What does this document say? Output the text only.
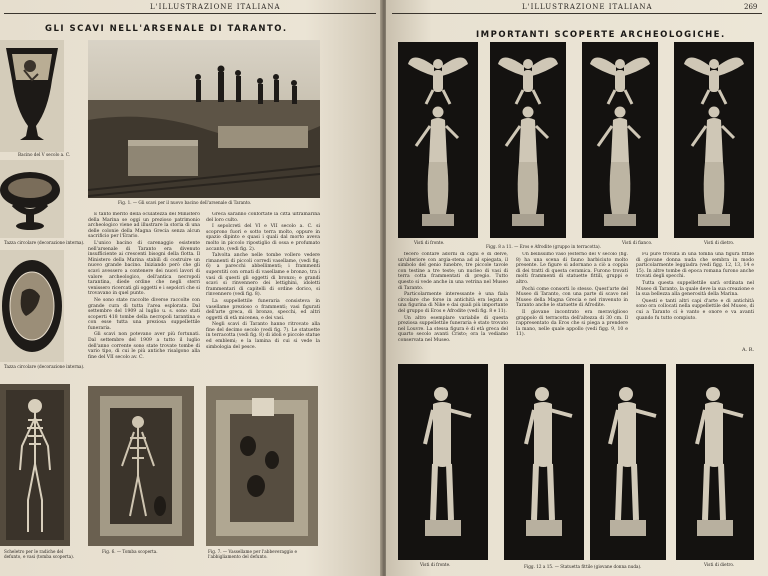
L'ILLUSTRAZIONE ITALIANA
GLI SCAVI NELL'ARSENALE DI TARANTO.
Bacino del V secolo a. C.
Tazza circolare (decorazione interna).
Tazza circolare (decorazione interna).
Fig. 1. — Gli scavi per il nuovo bacino dell'arsenale di Taranto.

È tanto merito della oculatezza del Ministero della Marina se oggi un prezioso patrimonio archeologico viene ad illustrare la storia di una delle colonie della Magna Grecia senza alcun sacrificio per l'Erario.

L'unico bacino di carenaggio esistente nell'arsenale di Taranto era divenuto insufficiente ai crescenti bisogni della flotta. Il Ministero della Marina stabilì di costruire un nuovo grande bacino. Iniziando però che gli scavi avessero a contenere dei nuovi lavori di valore archeologico, dell'antica necropoli tarantina, diede ordine che negli sterri venissero ricercati gli oggetti e i sepolcri che si trovavano in quel punto.

Ne sono state raccolte diverse raccolte con grande cura di tutta l'area esplorata. Dal settembre del 1909 al luglio u. s. sono stati scoperti 418 tombe della necropoli tarantina e con esse tutta una preziosa suppellettile funeraria.

Gli scavi non potevano aver più fortunati. Dal settembre del 1909 a tutto il luglio dell'anno corrente sono state trovate tombe di vario tipo, di cui le più antiche risalgono alla fine del VII secolo av. C.

Greca saranno confortate la città ultramarina del loro culto.

I sepolcreti del VI e VII secolo a. C. si scoprono fuori e sotto terra molto, oppure in spazio dipinto e quasi i quali dal morto aveva molto in piccolo ripostiglio di ossa e profumato accanto, (vedi fig. 2).

Talvolta anche nelle tombe vollero vedere rimanenti di piccoli corredi vasellame, (vedi fig. 6) a parecchi abbellimenti; i frammenti superstiti con ornati di vasellame e bronzo, tra i vasi di questi gli oggetti di bronzo; e grandi scavi si rinvennero dei lettighini, idoletti frammentari di capitelli di ordine dorico, si rinvennero (vedi fig. 8).

La suppellettile funeraria consisteva in vasellame prezioso o frammenti; vasi figurati dell'arte greca, di bronzo, specchi, ed altri oggetti di età micenea, e dei vasi.

Negli scavi di Taranto hanno ritrovato alla fine del decimo secolo (vedi fig. 7). Le statuette in terracotta (vedi fig. 8) di idoli e piccole statue ed emblemi; e la lamina di cui si vede la simbologia del pesce.

Scheletro per le radiche del defunto, e vasi (tomba scoperta).
Fig. 6. — Tomba scoperta.	Fig. 7. — Vassellame per l'abbeveraggio e l'abbigliamento del defunto.
L'ILLUSTRAZIONE ITALIANA	269
IMPORTANTI SCOPERTE ARCHEOLOGICHE.
Visti di fronte.
Figg. 8 a 11. — Eros e Afrodite (gruppo in terracotta).
Visti di fianco.	Visti di dietro.

fecero contare adorni di cigni e di delve, un'ulteriore con argia-stena ad al spiegata, il simbolo del genio funebre, tre piccole tavole con testine a tre teste; un nucleo di vasi di terra cotta frammentati di pregio. Tutto questo si vede anche in una vetrina nel Museo di Taranto.

Particolarmente interessante è una fiala circolare che forse in antichità era legata a una figurina di Nike e dai quali più importante del gruppo di Eros e Afrodite (vedi fig. 8 e 11).

Un altro esemplare variabile di questa preziosa suppellettile funeraria è stato trovato nel Louvre. La stessa figura è di età greca del quarto secolo avanti Cristo; ora la vediamo conservata nel Museo.

Un bellissimo vaso (esterno del V secolo (fig. 8) ha una scena di fauno barbiciuto molto presente. Le figure si adornano a ciò a coppia di dei tratti di questa ceramica. Furono trovati molti frammenti di statuette fittili, gruppi e altro.

Pochi come consorti lo stesso. Quest'arte del Museo di Taranto, con una parte di scavo nel Museo della Magna Grecia e nel rinvenuto in Taranto anche le statuette di Afrodite.

Il giovane incontrato era meraviglioso grappolo di terracotta dell'altezza di 30 cm. Il rappresentato da Eros che si piega a prendere la mano, nelle quale appollo (vedi figg. 9, 10 e 11).

Fu pure trovata in una tomba una figura fittile di giovane donna nuda che sembra in modo particolarmente leggiadra (vedi figg. 12, 13, 14 e 15). In altre tombe di epoca romana furono anche trovati degli specchi.

Tutta questa suppellettile sarà ordinata nel Museo di Taranto, la quale deve la sua creazione e la sua bellezza alla generosità della Marina.

Questi e tanti altri capi d'arte e di antichità sono ora collocati nella suppellettile del Museo, di cui a Taranto ci è vanto e onore e va avanti quando fu tutto compiuto.

A. R.
Visti di fronte.	Figg. 12 a 15. — Statuetta fittile (giovane donna nuda).	Visti di dietro.
